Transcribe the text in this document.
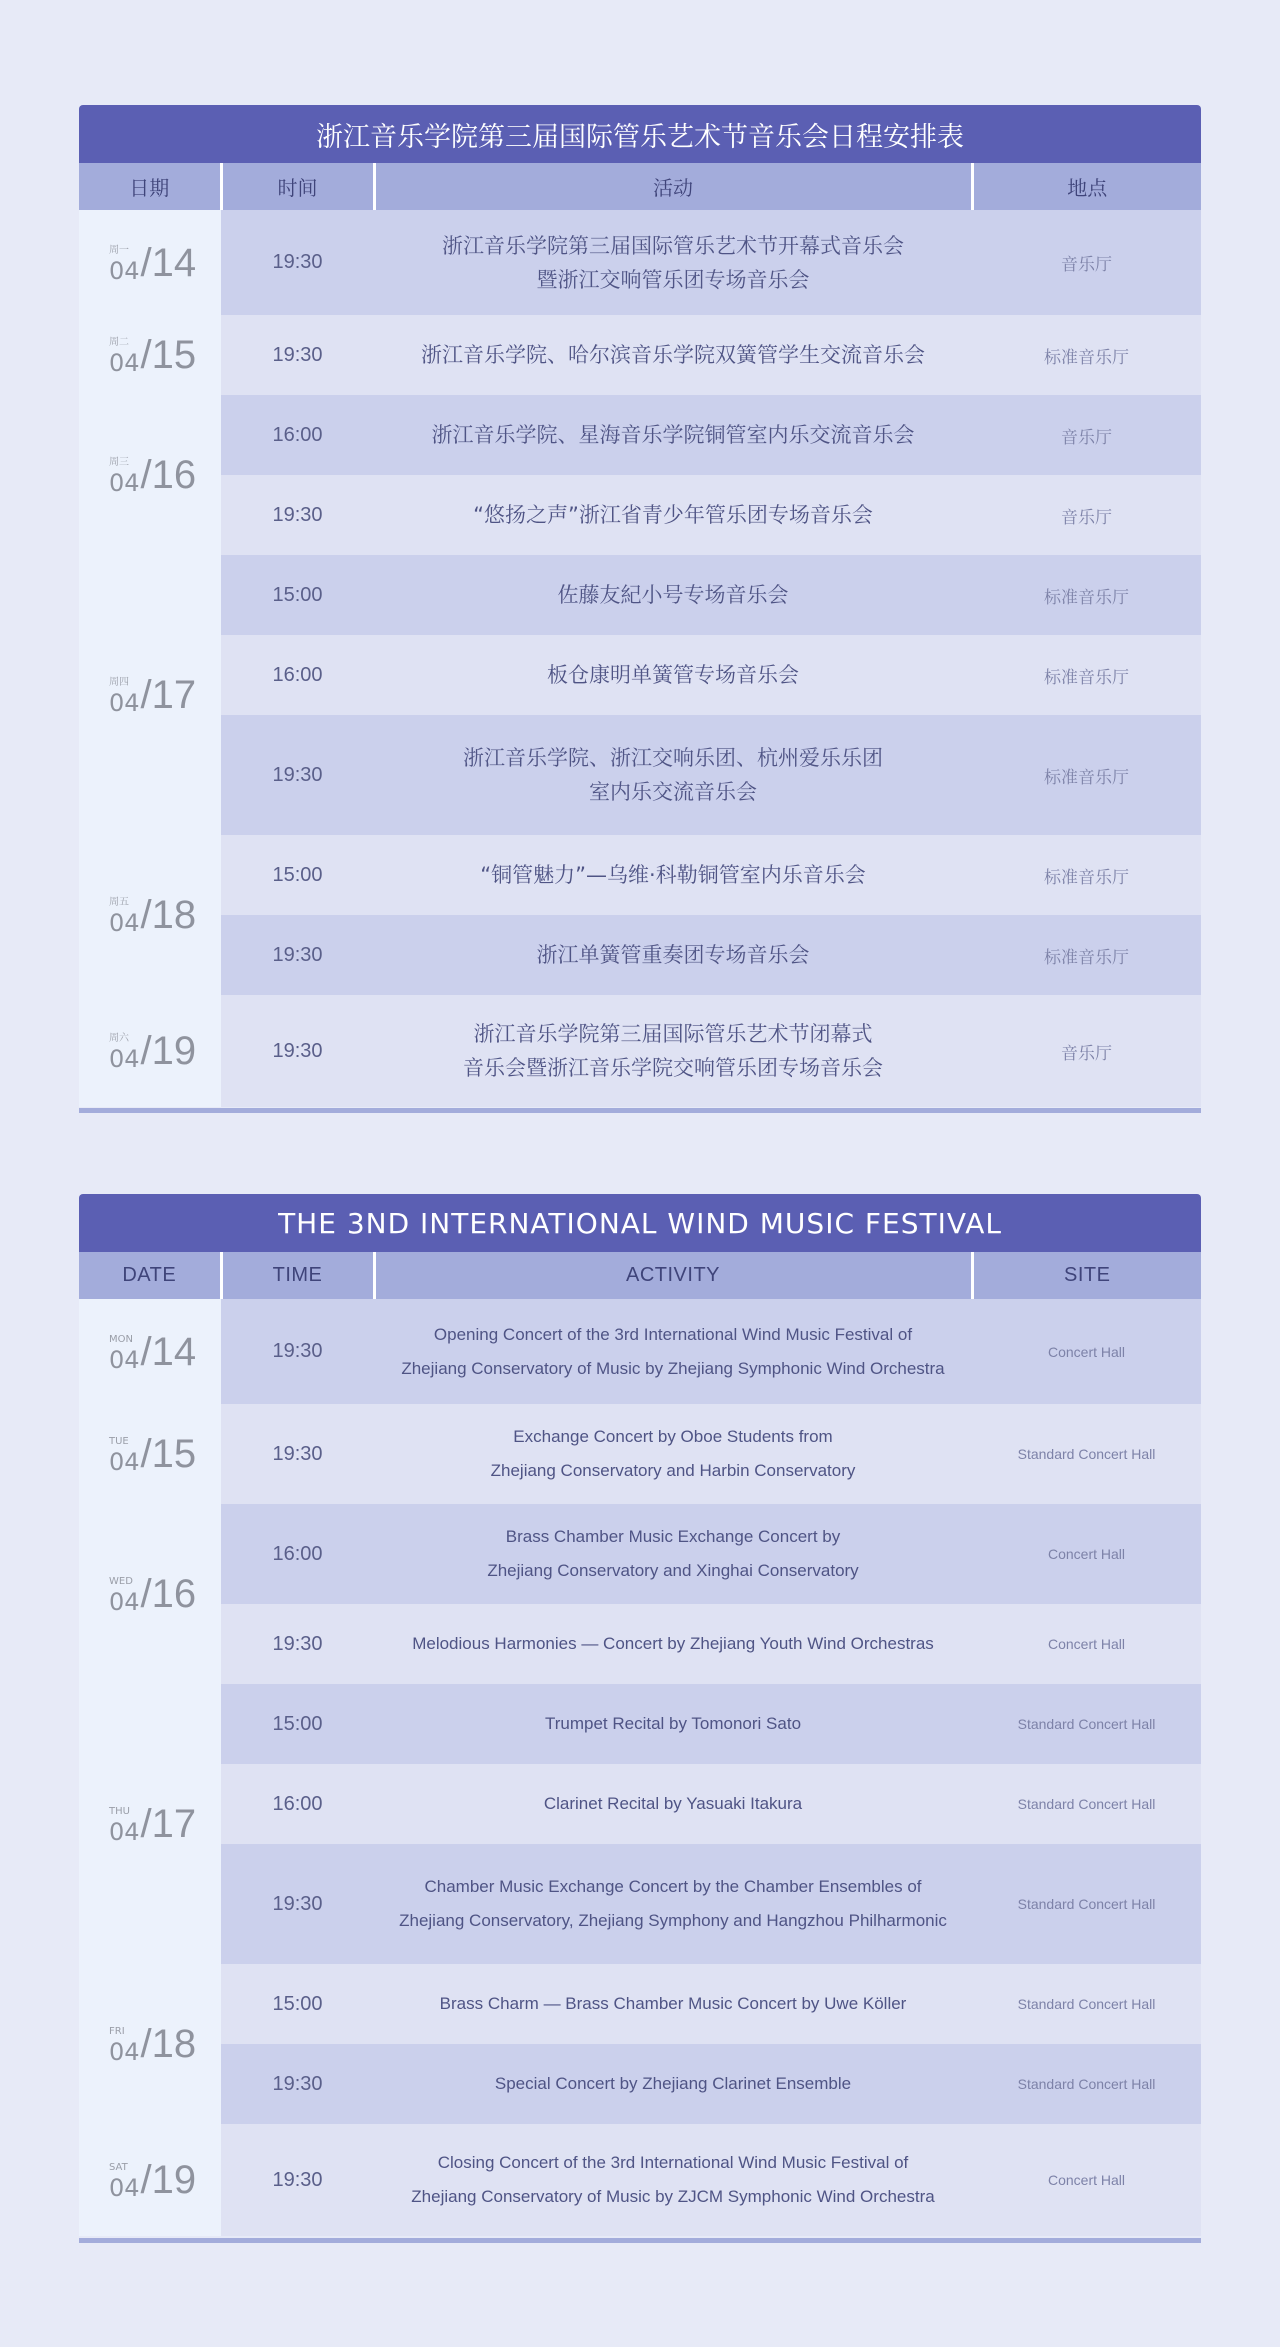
浙江音乐学院第三届国际管乐艺术节音乐会日程安排表			
日期	时间	活动	地点

周一
04 /14	19:30	浙江音乐学院第三届国际管乐艺术节开幕式音乐会
暨浙江交响管乐团专场音乐会	音乐厅

周二
04 /15	19:30	浙江音乐学院、哈尔滨音乐学院双簧管学生交流音乐会	标准音乐厅

周三
04 /16	16:00	浙江音乐学院、星海音乐学院铜管室内乐交流音乐会	音乐厅
	19:30	“悠扬之声”浙江省青少年管乐团专场音乐会	音乐厅

周四
04 /17	15:00	佐藤友紀小号专场音乐会	标准音乐厅
	16:00	板仓康明单簧管专场音乐会	标准音乐厅
	19:30	浙江音乐学院、浙江交响乐团、杭州爱乐乐团
室内乐交流音乐会	标准音乐厅

周五
04 /18	15:00	“铜管魅力”—乌维·科勒铜管室内乐音乐会	标准音乐厅
	19:30	浙江单簧管重奏团专场音乐会	标准音乐厅

周六
04 /19	19:30	浙江音乐学院第三届国际管乐艺术节闭幕式
音乐会暨浙江音乐学院交响管乐团专场音乐会	音乐厅
THE 3ND INTERNATIONAL WIND MUSIC FESTIVAL			
DATE	TIME	ACTIVITY	SITE

MON
04 /14	19:30	Opening Concert of the 3rd International Wind Music Festival of
Zhejiang Conservatory of Music by Zhejiang Symphonic Wind Orchestra	Concert Hall

TUE
04 /15	19:30	Exchange Concert by Oboe Students from
Zhejiang Conservatory and Harbin Conservatory	Standard Concert Hall

WED
04 /16	16:00	Brass Chamber Music Exchange Concert by
Zhejiang Conservatory and Xinghai Conservatory	Concert Hall
	19:30	Melodious Harmonies — Concert by Zhejiang Youth Wind Orchestras	Concert Hall

THU
04 /17	15:00	Trumpet Recital by Tomonori Sato	Standard Concert Hall
	16:00	Clarinet Recital by Yasuaki Itakura	Standard Concert Hall
	19:30	Chamber Music Exchange Concert by the Chamber Ensembles of
Zhejiang Conservatory, Zhejiang Symphony and Hangzhou Philharmonic	Standard Concert Hall

FRI
04 /18	15:00	Brass Charm — Brass Chamber Music Concert by Uwe Köller	Standard Concert Hall
	19:30	Special Concert by Zhejiang Clarinet Ensemble	Standard Concert Hall

SAT
04 /19	19:30	Closing Concert of the 3rd International Wind Music Festival of
Zhejiang Conservatory of Music by ZJCM Symphonic Wind Orchestra	Concert Hall
